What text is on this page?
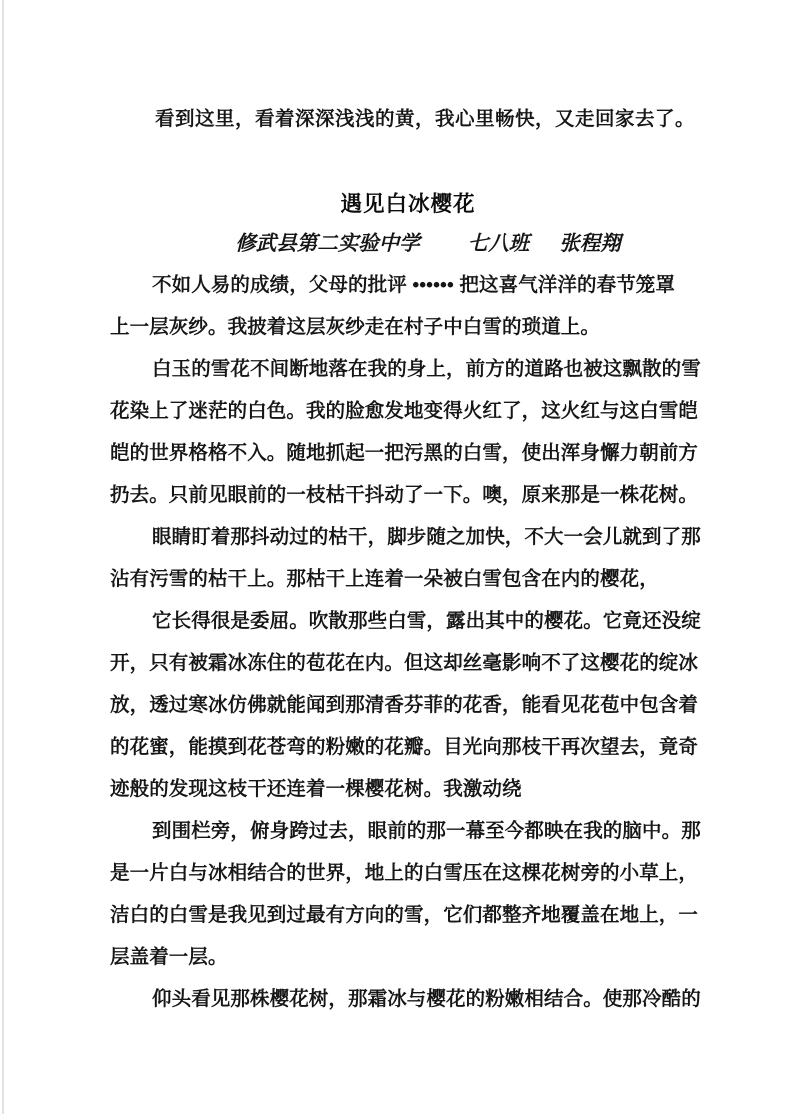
看到这里，看着深深浅浅的黄，我心里畅快，又走回家去了。
遇见白冰樱花
修武县第二实验中学 七八班 张程翔
不如人易的成绩，父母的批评 •••••• 把这喜气洋洋的春节笼罩
上一层灰纱。我披着这层灰纱走在村子中白雪的琐道上。
白玉的雪花不间断地落在我的身上，前方的道路也被这飘散的雪
花染上了迷茫的白色。我的脸愈发地变得火红了，这火红与这白雪皑
皑的世界格格不入。随地抓起一把污黑的白雪，使出浑身懈力朝前方
扔去。只前见眼前的一枝枯干抖动了一下。噢，原来那是一株花树。
眼睛盯着那抖动过的枯干，脚步随之加快，不大一会儿就到了那
沾有污雪的枯干上。那枯干上连着一朵被白雪包含在内的樱花，
它长得很是委屈。吹散那些白雪，露出其中的樱花。它竟还没绽
开，只有被霜冰冻住的苞花在内。但这却丝毫影响不了这樱花的绽冰
放，透过寒冰仿佛就能闻到那清香芬菲的花香，能看见花苞中包含着
的花蜜，能摸到花苍弯的粉嫩的花瓣。目光向那枝干再次望去，竟奇
迹般的发现这枝干还连着一棵樱花树。我激动绕
到围栏旁，俯身跨过去，眼前的那一幕至今都映在我的脑中。那
是一片白与冰相结合的世界，地上的白雪压在这棵花树旁的小草上，
洁白的白雪是我见到过最有方向的雪，它们都整齐地覆盖在地上，一
层盖着一层。
仰头看见那株樱花树，那霜冰与樱花的粉嫩相结合。使那冷酷的
